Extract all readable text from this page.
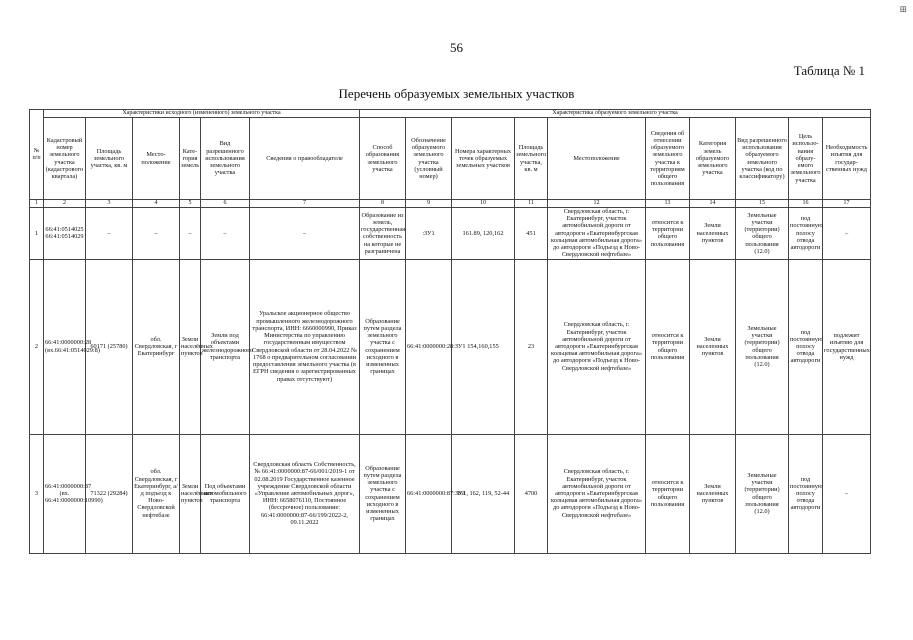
⊞
56
Таблица № 1
Перечень образуемых земельных участков
№ п/п	Характеристики исходного (измененного) земельного участка						Характеристика образуемого земельного участка									
	Кадастровый номер земельного участка (кадастрового квартала)	Площадь земельного участка, кв. м	Место-положение	Кате-гория земель	Вид разрешенного использования земельного участка	Сведения о правообладателе	Способ образования земельного участка	Обозначение образуемого земельного участка (условный номер)	Номера характерных точек образуемых земельных участков	Площадь земельного участка, кв. м	Местоположение	Сведения об отнесении образуемого земельного участка к территориям общего пользования	Категория земель образуемого земельного участка	Вид разрешенного использования образуемого земельного участка (код по классификатору)	Цель использо-вания образу-емого земельного участка	Необходимость изъятия для государ-ственных нужд
1	2	3	4	5	6	7	8	9	10	11	12	13	14	15	16	17
1	66:41:0514025 66:41:0514029	–	–	–	–	–	Образование из земель, государственная собственность на которые не разграничена	:ЗУ1	161.89, 120,162	451	Свердловская область, г. Екатеринбург, участок автомобильной дороги от автодороги «Екатеринбургская кольцевая автомобильная дорога» до автодороги «Подъезд к Ново-Свердловской нефтебазе»	относится к территории общего пользования	Земли населенных пунктов	Земельные участки (территории) общего пользования (12.0)	под постоянную полосу отвода автодороги	–
2	66:41:0000000:28 (вх.66:41:0514029:8)	60171 (25780)	обл. Свердловская, г Екатеринбург	Земли населённых пунктов	Земли под объектами железнодорожного транспорта	Уральское акционерное общество промышленного железнодорожного транспорта, ИНН: 6660000990, Приказ Министерства по управлению государственным имуществом Свердловской области от 28.04.2022 № 1768 о предварительном согласовании предоставления земельного участка (в ЕГРН сведения о зарегистрированных правах отсутствуют)	Образование путем раздела земельного участка с сохранением исходного в измененных границах	66:41:0000000:28:ЗУ1	154,160,155	23	Свердловская область, г. Екатеринбург, участок автомобильной дороги от автодороги «Екатеринбургская кольцевая автомобильная дорога» до автодороги «Подъезд к Ново-Свердловской нефтебазе»	относится к территории общего пользования	Земли населенных пунктов	Земельные участки (территории) общего пользования (12.0)	под постоянную полосу отвода автодороги	подлежит изъятию для государственных нужд
3	66:41:0000000:87 (вх. 66:41:0000000:10990)	71322 (29284)	обл. Свердловская, г Екатеринбург, а/д подъезд к Ново-Свердловской нефтебазе	Земли населённых пунктов	Под объектами автомобильного транспорта	Свердловская область Собственность, № 66:41:0000000:87-66/001/2019-1 от 02.08.2019 Государственное казенное учреждение Свердловской области «Управление автомобильных дорог», ИНН: 6658076110, Постоянное (бессрочное) пользование: 66:41:0000000:87-66/199/2022-2, 09.11.2022	Образование путем раздела земельного участка с сохранением исходного в измененных границах	66:41:0000000:87:ЗУ1	161, 162, 119, 52-44	4700	Свердловская область, г. Екатеринбург, участок автомобильной дороги от автодороги «Екатеринбургская кольцевая автомобильная дорога» до автодороги «Подъезд к Ново-Свердловской нефтебазе»	относится к территории общего пользования	Земли населенных пунктов	Земельные участки (территории) общего пользования (12.0)	под постоянную полосу отвода автодороги	–
